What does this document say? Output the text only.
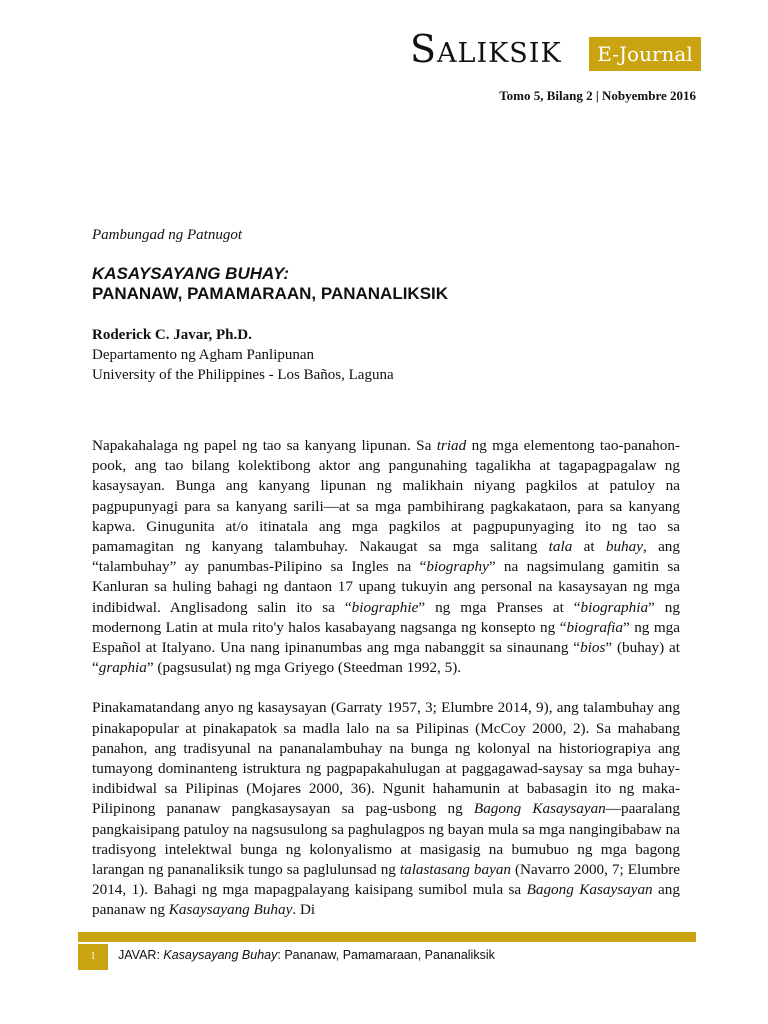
Saliksik	E-Journal
Tomo 5, Bilang 2 | Nobyembre 2016
Pambungad ng Patnugot
KASAYSAYANG BUHAY:
PANANAW, PAMAMARAAN, PANANALIKSIK
Roderick C. Javar, Ph.D.
Departamento ng Agham Panlipunan
University of the Philippines - Los Baños, Laguna

Napakahalaga ng papel ng tao sa kanyang lipunan. Sa triad ng mga elementong tao-panahon-pook, ang tao bilang kolektibong aktor ang pangunahing tagalikha at tagapagpagalaw ng kasaysayan. Bunga ang kanyang lipunan ng malikhain niyang pagkilos at patuloy na pagpupunyagi para sa kanyang sarili—at sa mga pambihirang pagkakataon, para sa kanyang kapwa. Ginugunita at/o itinatala ang mga pagkilos at pagpupunyaging ito ng tao sa pamamagitan ng kanyang talambuhay. Nakaugat sa mga salitang tala at buhay, ang “talambuhay” ay panumbas-Pilipino sa Ingles na “biography” na nagsimulang gamitin sa Kanluran sa huling bahagi ng dantaon 17 upang tukuyin ang personal na kasaysayan ng mga indibidwal. Anglisadong salin ito sa “biographie” ng mga Pranses at “biographia” ng modernong Latin at mula rito'y halos kasabayang nagsanga ng konsepto ng “biografia” ng mga Español at Italyano. Una nang ipinanumbas ang mga nabanggit sa sinaunang “bios” (buhay) at “graphia” (pagsusulat) ng mga Griyego (Steedman 1992, 5).

Pinakamatandang anyo ng kasaysayan (Garraty 1957, 3; Elumbre 2014, 9), ang talambuhay ang pinakapopular at pinakapatok sa madla lalo na sa Pilipinas (McCoy 2000, 2). Sa mahabang panahon, ang tradisyunal na pananalambuhay na bunga ng kolonyal na historiograpiya ang tumayong dominanteng istruktura ng pagpapakahulugan at paggagawad-saysay sa mga buhay-indibidwal sa Pilipinas (Mojares 2000, 36). Ngunit hahamunin at babasagin ito ng maka-Pilipinong pananaw pangkasaysayan sa pag-usbong ng Bagong Kasaysayan—paaralang pangkaisipang patuloy na nagsusulong sa paghulagpos ng bayan mula sa mga nangingibabaw na tradisyong intelektwal bunga ng kolonyalismo at masigasig na bumubuo ng mga bagong larangan ng pananaliksik tungo sa paglulunsad ng talastasang bayan (Navarro 2000, 7; Elumbre 2014, 1). Bahagi ng mga mapagpalayang kaisipang sumibol mula sa Bagong Kasaysayan ang pananaw ng Kasaysayang Buhay. Di

1	JAVAR: Kasaysayang Buhay: Pananaw, Pamamaraan, Pananaliksik
